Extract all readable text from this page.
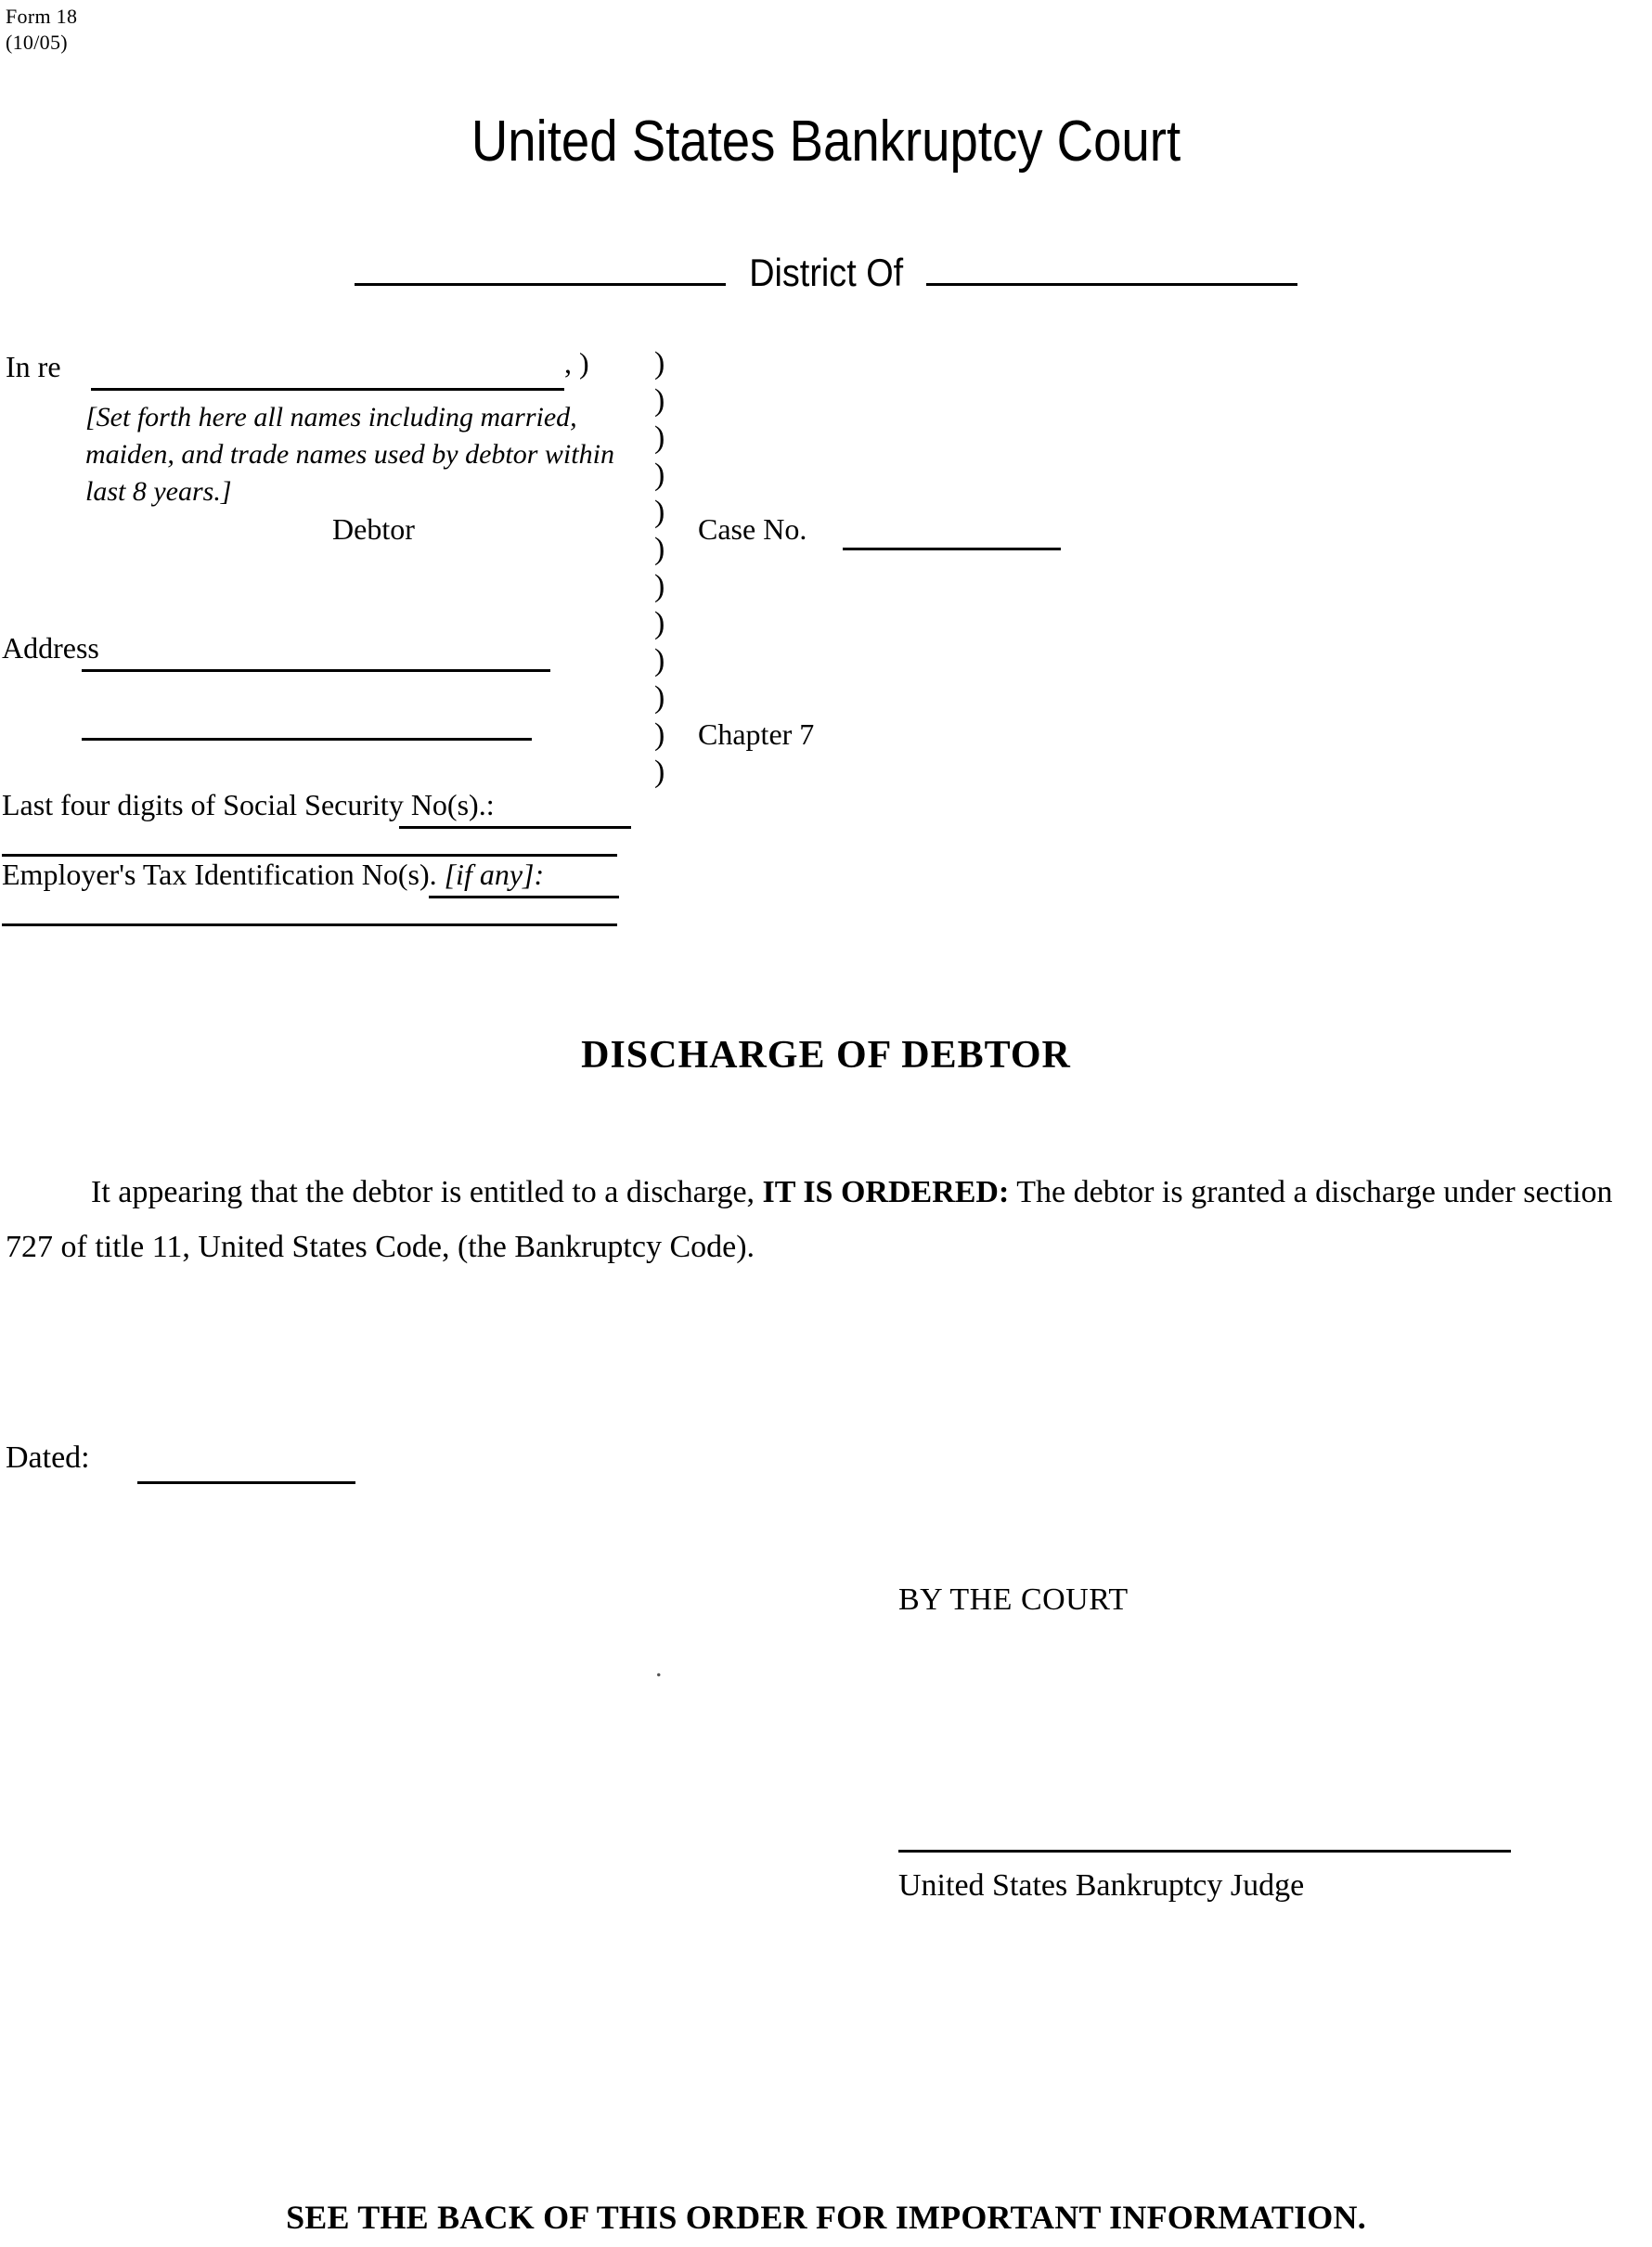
Form 18
(10/05)
United States Bankruptcy Court
District Of
In re	, )
[Set forth here all names including married,
maiden, and trade names used by debtor within
last 8 years.]
Debtor
)
)
)
)
)
)
)
)
)
)
)
)
Case No.
Chapter 7
Address
Last four digits of Social Security No(s).:
Employer's Tax Identification No(s). [if any]:
DISCHARGE OF DEBTOR
It appearing that the debtor is entitled to a discharge, IT IS ORDERED: The debtor is granted a discharge under section 727 of title 11, United States Code, (the Bankruptcy Code).
Dated:
BY THE COURT
.
United States Bankruptcy Judge
SEE THE BACK OF THIS ORDER FOR IMPORTANT INFORMATION.
